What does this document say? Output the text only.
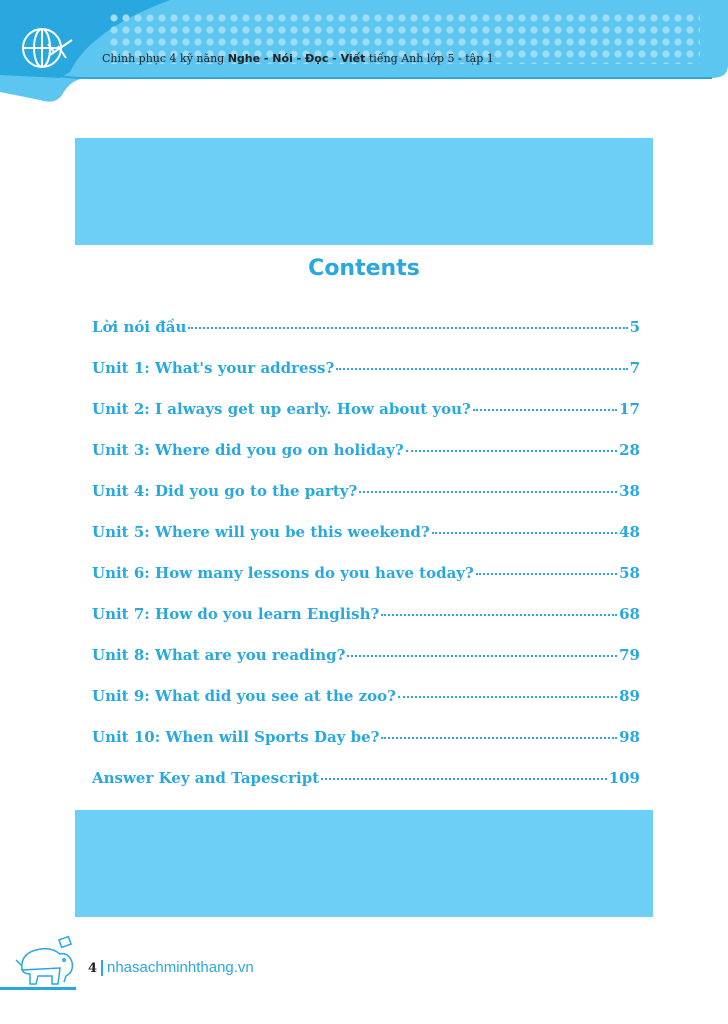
Chinh phục 4 kỹ năng Nghe - Nói - Đọc - Viết tiếng Anh lớp 5 - tập 1
Contents
Lời nói đầu	5
Unit 1: What's your address?	7
Unit 2: I always get up early. How about you?	17
Unit 3: Where did you go on holiday?	28
Unit 4: Did you go to the party?	38
Unit 5: Where will you be this weekend?	48
Unit 6: How many lessons do you have today?	58
Unit 7: How do you learn English?	68
Unit 8: What are you reading?	79
Unit 9: What did you see at the zoo?	89
Unit 10: When will Sports Day be?	98
Answer Key and Tapescript	109
4 nhasachminhthang.vn
